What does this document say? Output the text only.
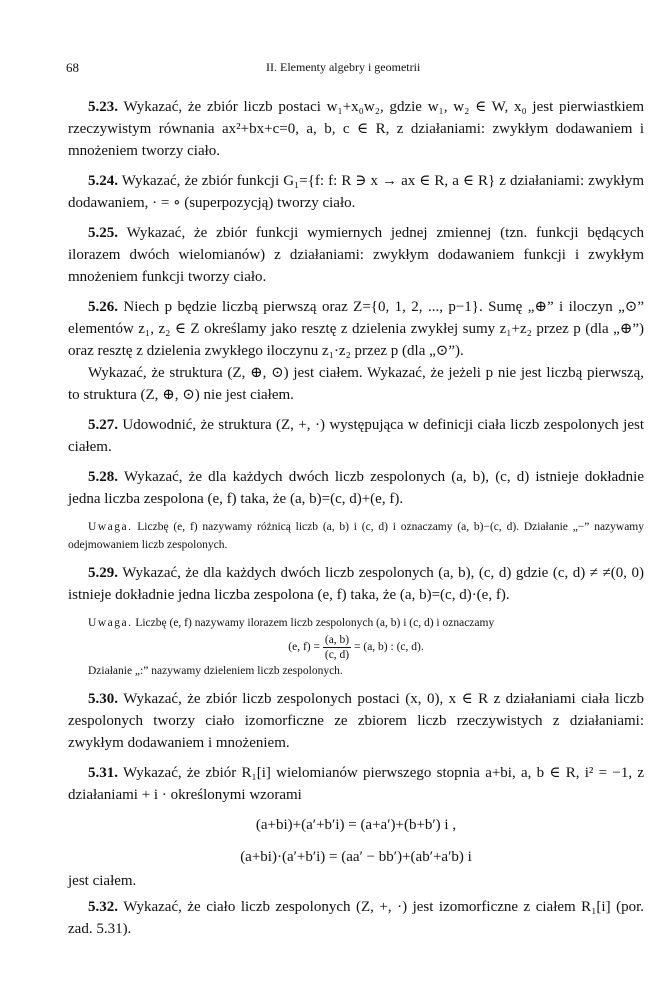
68	II. Elementy algebry i geometrii

5.23. Wykazać, że zbiór liczb postaci w₁+x₀w₂, gdzie w₁, w₂ ∈ W, x₀ jest pierwiastkiem rzeczywistym równania ax²+bx+c=0, a, b, c ∈ R, z działaniami: zwykłym dodawaniem i mnożeniem tworzy ciało.

5.24. Wykazać, że zbiór funkcji G₁={f: f: R ∋ x → ax ∈ R, a ∈ R} z działaniami: zwykłym dodawaniem, · = ∘ (superpozycją) tworzy ciało.

5.25. Wykazać, że zbiór funkcji wymiernych jednej zmiennej (tzn. funkcji będących ilorazem dwóch wielomianów) z działaniami: zwykłym dodawaniem funkcji i zwykłym mnożeniem funkcji tworzy ciało.

5.26. Niech p będzie liczbą pierwszą oraz Z={0, 1, 2, ..., p−1}. Sumę „⊕” i iloczyn „⊙” elementów z₁, z₂ ∈ Z określamy jako resztę z dzielenia zwykłej sumy z₁+z₂ przez p (dla „⊕”) oraz resztę z dzielenia zwykłego iloczynu z₁·z₂ przez p (dla „⊙”).

Wykazać, że struktura (Z, ⊕, ⊙) jest ciałem. Wykazać, że jeżeli p nie jest liczbą pierwszą, to struktura (Z, ⊕, ⊙) nie jest ciałem.

5.27. Udowodnić, że struktura (Z, +, ·) występująca w definicji ciała liczb zespolonych jest ciałem.

5.28. Wykazać, że dla każdych dwóch liczb zespolonych (a, b), (c, d) istnieje dokładnie jedna liczba zespolona (e, f) taka, że (a, b)=(c, d)+(e, f).

Uwaga. Liczbę (e, f) nazywamy różnicą liczb (a, b) i (c, d) i oznaczamy (a, b)−(c, d). Działanie „−” nazywamy odejmowaniem liczb zespolonych.

5.29. Wykazać, że dla każdych dwóch liczb zespolonych (a, b), (c, d) gdzie (c, d) ≠ ≠(0, 0) istnieje dokładnie jedna liczba zespolona (e, f) taka, że (a, b)=(c, d)·(e, f).

Uwaga. Liczbę (e, f) nazywamy ilorazem liczb zespolonych (a, b) i (c, d) i oznaczamy

(e, $f) = \frac{(a, b)}{(c, d)} = (a$, b) : (c, d).

Działanie „:” nazywamy dzieleniem liczb zespolonych.

5.30. Wykazać, że zbiór liczb zespolonych postaci (x, 0), x ∈ R z działaniami ciała liczb zespolonych tworzy ciało izomorficzne ze zbiorem liczb rzeczywistych z działaniami: zwykłym dodawaniem i mnożeniem.

5.31. Wykazać, że zbiór R₁[i] wielomianów pierwszego stopnia a+bi, a, b ∈ R, i² = −1, z działaniami + i · określonymi wzorami

(a+bi)+(a′+b′i) = (a+a′)+(b+b′) i ,

(a+bi)·(a′+b′i) = (aa′ − bb′)+(ab′+a′b) i

jest ciałem.

5.32. Wykazać, że ciało liczb zespolonych (Z, +, ·) jest izomorficzne z ciałem R₁[i] (por. zad. 5.31).
